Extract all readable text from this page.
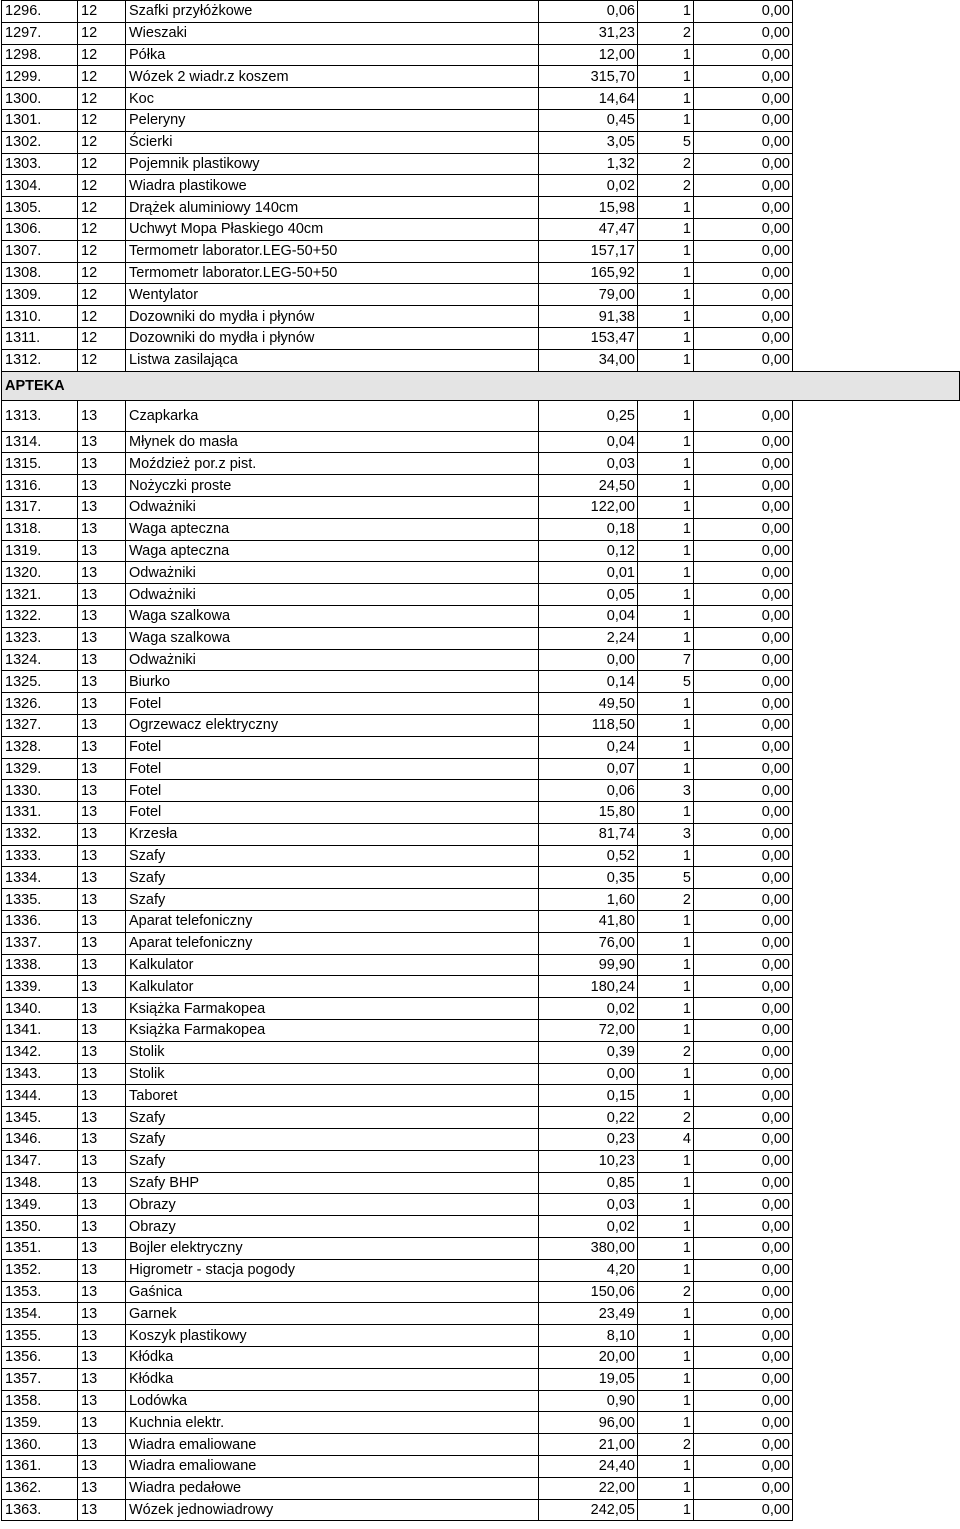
1296.	12	Szafki przyłóżkowe	0,06	1	0,00	
1297.	12	Wieszaki	31,23	2	0,00	
1298.	12	Półka	12,00	1	0,00	
1299.	12	Wózek 2 wiadr.z koszem	315,70	1	0,00	
1300.	12	Koc	14,64	1	0,00	
1301.	12	Peleryny	0,45	1	0,00	
1302.	12	Ścierki	3,05	5	0,00	
1303.	12	Pojemnik plastikowy	1,32	2	0,00	
1304.	12	Wiadra plastikowe	0,02	2	0,00	
1305.	12	Drążek aluminiowy 140cm	15,98	1	0,00	
1306.	12	Uchwyt Mopa Płaskiego 40cm	47,47	1	0,00	
1307.	12	Termometr laborator.LEG-50+50	157,17	1	0,00	
1308.	12	Termometr laborator.LEG-50+50	165,92	1	0,00	
1309.	12	Wentylator	79,00	1	0,00	
1310.	12	Dozowniki do mydła i płynów	91,38	1	0,00	
1311.	12	Dozowniki do mydła i płynów	153,47	1	0,00	
1312.	12	Listwa zasilająca	34,00	1	0,00	
APTEKA						
1313.	13	Czapkarka	0,25	1	0,00	
1314.	13	Młynek do masła	0,04	1	0,00	
1315.	13	Moździeż por.z pist.	0,03	1	0,00	
1316.	13	Nożyczki proste	24,50	1	0,00	
1317.	13	Odważniki	122,00	1	0,00	
1318.	13	Waga apteczna	0,18	1	0,00	
1319.	13	Waga apteczna	0,12	1	0,00	
1320.	13	Odważniki	0,01	1	0,00	
1321.	13	Odważniki	0,05	1	0,00	
1322.	13	Waga szalkowa	0,04	1	0,00	
1323.	13	Waga szalkowa	2,24	1	0,00	
1324.	13	Odważniki	0,00	7	0,00	
1325.	13	Biurko	0,14	5	0,00	
1326.	13	Fotel	49,50	1	0,00	
1327.	13	Ogrzewacz elektryczny	118,50	1	0,00	
1328.	13	Fotel	0,24	1	0,00	
1329.	13	Fotel	0,07	1	0,00	
1330.	13	Fotel	0,06	3	0,00	
1331.	13	Fotel	15,80	1	0,00	
1332.	13	Krzesła	81,74	3	0,00	
1333.	13	Szafy	0,52	1	0,00	
1334.	13	Szafy	0,35	5	0,00	
1335.	13	Szafy	1,60	2	0,00	
1336.	13	Aparat telefoniczny	41,80	1	0,00	
1337.	13	Aparat telefoniczny	76,00	1	0,00	
1338.	13	Kalkulator	99,90	1	0,00	
1339.	13	Kalkulator	180,24	1	0,00	
1340.	13	Książka Farmakopea	0,02	1	0,00	
1341.	13	Książka Farmakopea	72,00	1	0,00	
1342.	13	Stolik	0,39	2	0,00	
1343.	13	Stolik	0,00	1	0,00	
1344.	13	Taboret	0,15	1	0,00	
1345.	13	Szafy	0,22	2	0,00	
1346.	13	Szafy	0,23	4	0,00	
1347.	13	Szafy	10,23	1	0,00	
1348.	13	Szafy BHP	0,85	1	0,00	
1349.	13	Obrazy	0,03	1	0,00	
1350.	13	Obrazy	0,02	1	0,00	
1351.	13	Bojler elektryczny	380,00	1	0,00	
1352.	13	Higrometr - stacja pogody	4,20	1	0,00	
1353.	13	Gaśnica	150,06	2	0,00	
1354.	13	Garnek	23,49	1	0,00	
1355.	13	Koszyk plastikowy	8,10	1	0,00	
1356.	13	Kłódka	20,00	1	0,00	
1357.	13	Kłódka	19,05	1	0,00	
1358.	13	Lodówka	0,90	1	0,00	
1359.	13	Kuchnia elektr.	96,00	1	0,00	
1360.	13	Wiadra emaliowane	21,00	2	0,00	
1361.	13	Wiadra emaliowane	24,40	1	0,00	
1362.	13	Wiadra pedałowe	22,00	1	0,00	
1363.	13	Wózek jednowiadrowy	242,05	1	0,00	
